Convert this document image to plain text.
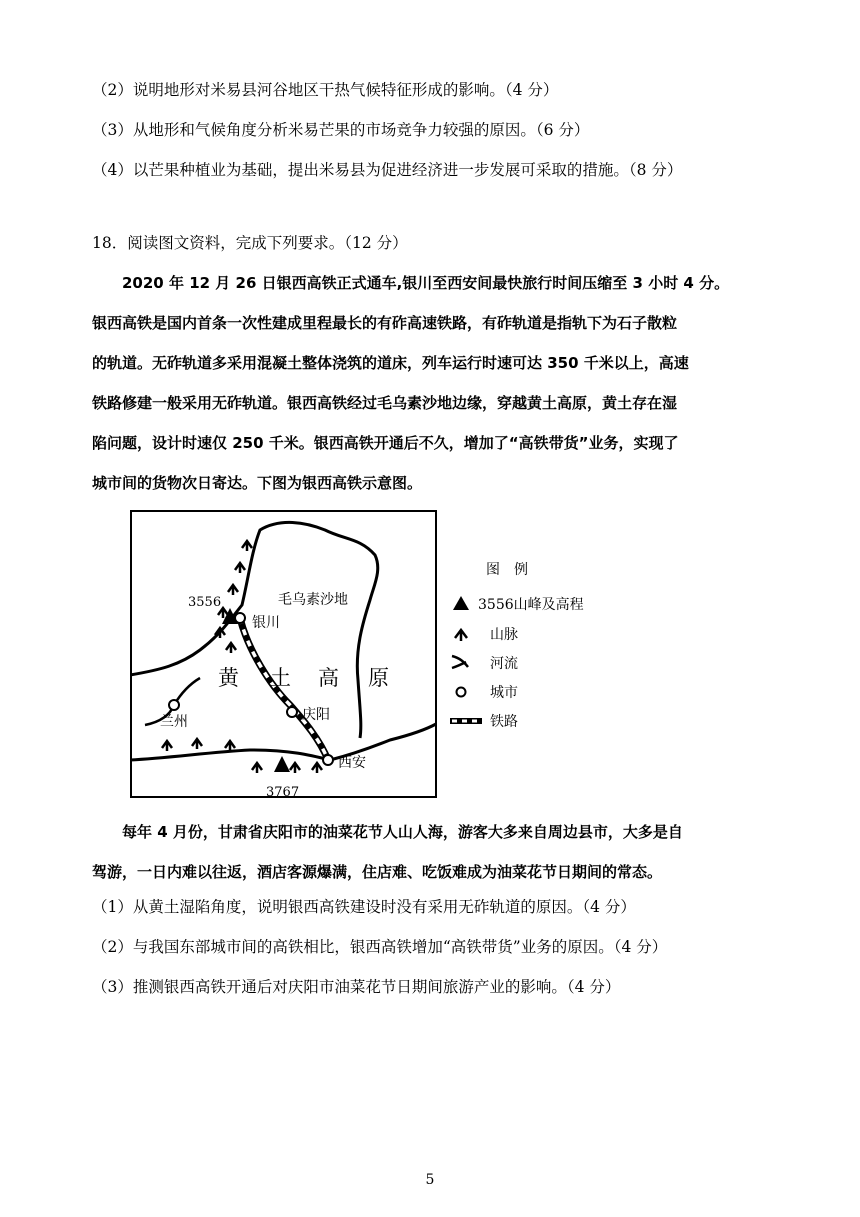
（2）说明地形对米易县河谷地区干热气候特征形成的影响。（4 分）
（3）从地形和气候角度分析米易芒果的市场竞争力较强的原因。（6 分）
（4）以芒果种植业为基础，提出米易县为促进经济进一步发展可采取的措施。（8 分）
18．阅读图文资料，完成下列要求。（12 分）
2020 年 12 月 26 日银西高铁正式通车,银川至西安间最快旅行时间压缩至 3 小时 4 分。
银西高铁是国内首条一次性建成里程最长的有砟高速铁路，有砟轨道是指轨下为石子散粒
的轨道。无砟轨道多采用混凝土整体浇筑的道床，列车运行时速可达 350 千米以上，高速
铁路修建一般采用无砟轨道。银西高铁经过毛乌素沙地边缘，穿越黄土高原，黄土存在湿
陷问题，设计时速仅 250 千米。银西高铁开通后不久，增加了“高铁带货”业务，实现了
城市间的货物次日寄达。下图为银西高铁示意图。
毛乌素沙地
3556
银川
庆阳
西安
兰州
3767
黄 土 高 原
图　例
3556山峰及高程
山脉
河流
城市
铁路
每年 4 月份，甘肃省庆阳市的油菜花节人山人海，游客大多来自周边县市，大多是自
驾游，一日内难以往返，酒店客源爆满，住店难、吃饭难成为油菜花节日期间的常态。
（1）从黄土湿陷角度，说明银西高铁建设时没有采用无砟轨道的原因。（4 分）
（2）与我国东部城市间的高铁相比，银西高铁增加“高铁带货”业务的原因。（4 分）
（3）推测银西高铁开通后对庆阳市油菜花节日期间旅游产业的影响。（4 分）
5
